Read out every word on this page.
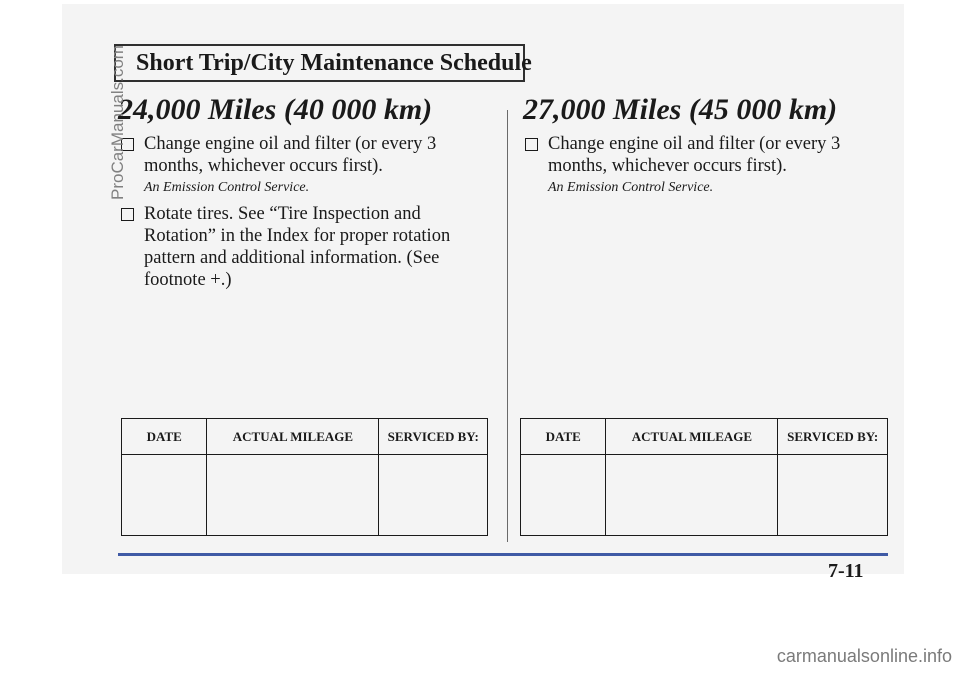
Short Trip/City Maintenance Schedule
24,000 Miles (40 000 km)
Change engine oil and filter (or every 3 months, whichever occurs first).
An Emission Control Service.
Rotate tires. See “Tire Inspection and Rotation” in the Index for proper rotation pattern and additional information. (See footnote +.)
DATE	ACTUAL MILEAGE	SERVICED BY:

27,000 Miles (45 000 km)
Change engine oil and filter (or every 3 months, whichever occurs first).
An Emission Control Service.
DATE	ACTUAL MILEAGE	SERVICED BY:

7-11
ProCarManuals.com
carmanualsonline.info
